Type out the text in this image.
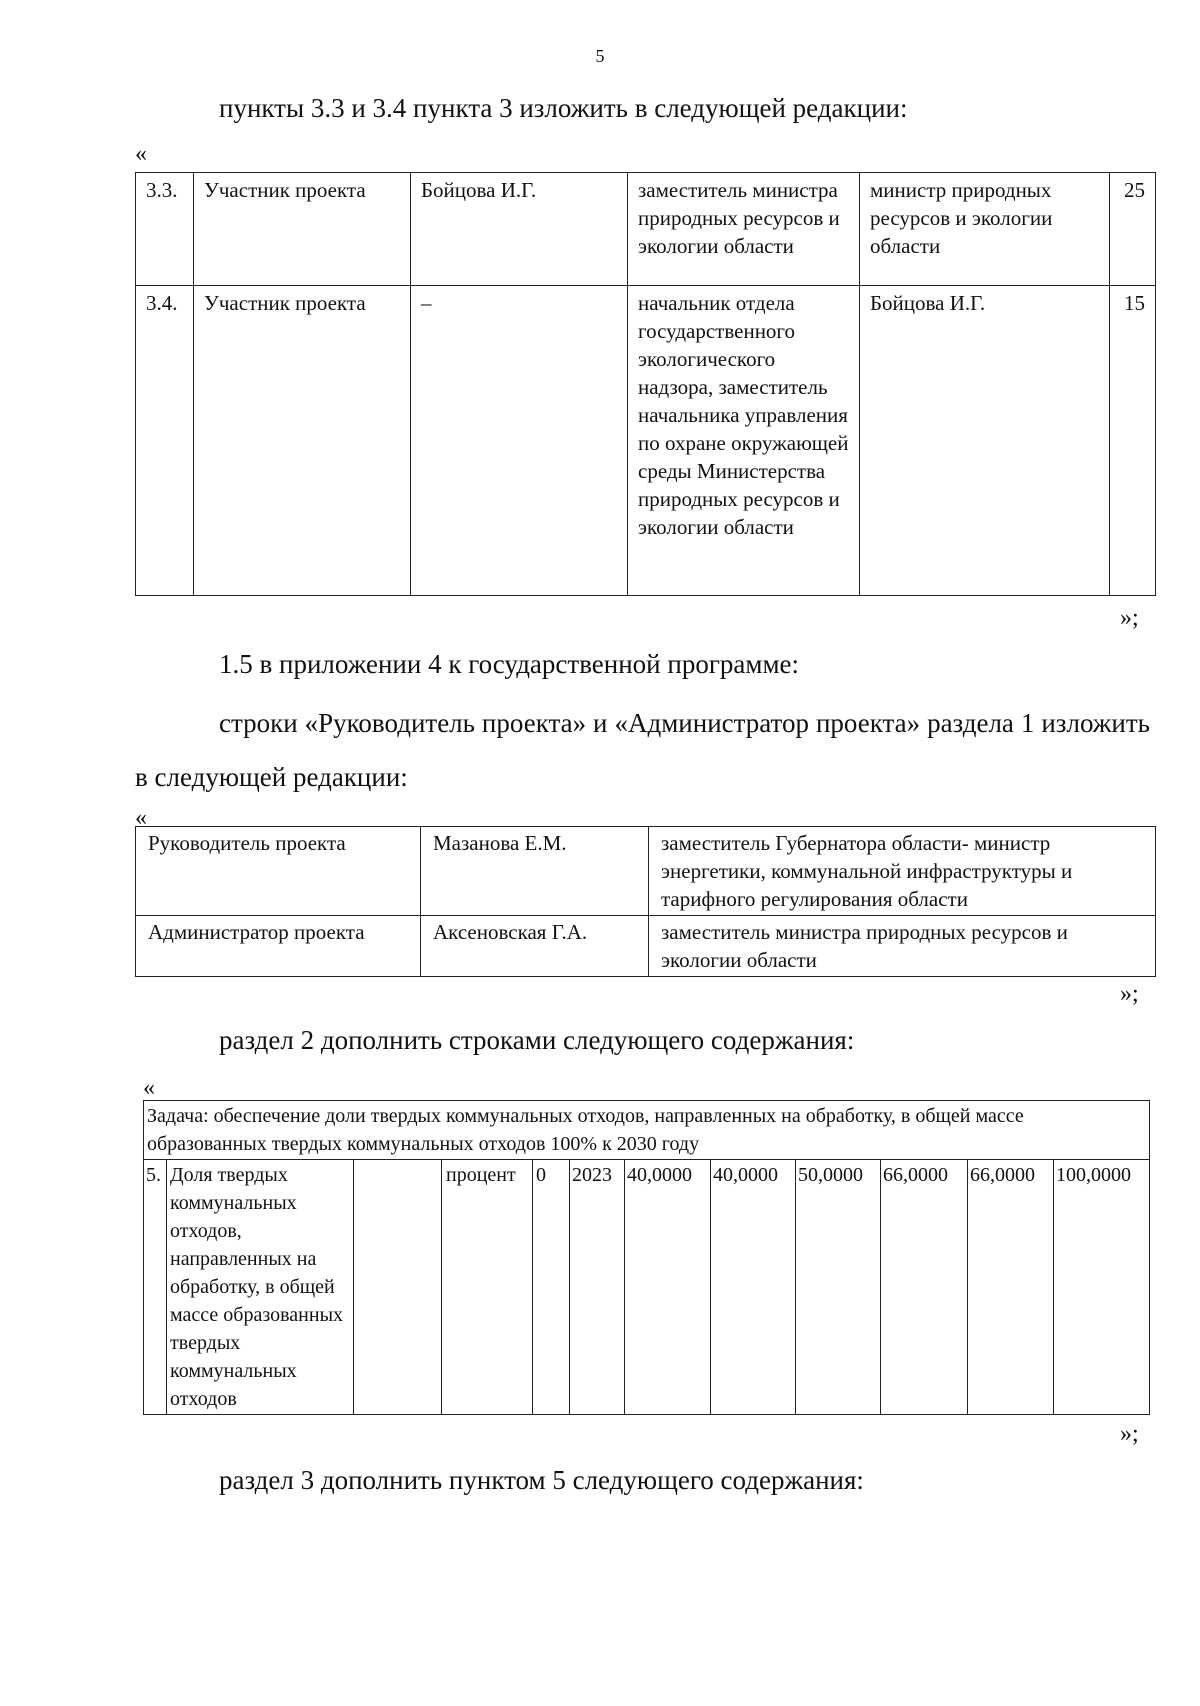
5
пункты 3.3 и 3.4 пункта 3 изложить в следующей редакции:
«
3.3.	Участник проекта	Бойцова И.Г.	заместитель министра природных ресурсов и экологии области	министр природных ресурсов и экологии области	25
3.4.	Участник проекта	–	начальник отдела государственного экологического надзора, заместитель начальника управления по охране окружающей среды Министерства природных ресурсов и экологии области	Бойцова И.Г.	15
»;
1.5 в приложении 4 к государственной программе:
строки «Руководитель проекта» и «Администратор проекта» раздела 1 изложить в следующей редакции:
«
Руководитель проекта	Мазанова Е.М.	заместитель Губернатора области- министр энергетики, коммунальной инфраструктуры и тарифного регулирования области
Администратор проекта	Аксеновская Г.А.	заместитель министра природных ресурсов и экологии области
»;
раздел 2 дополнить строками следующего содержания:
«
Задача: обеспечение доли твердых коммунальных отходов, направленных на обработку, в общей массе образованных твердых коммунальных отходов 100% к 2030 году
5.	Доля твердых коммунальных отходов, направленных на обработку, в общей массе образованных твердых коммунальных отходов		процент	0	2023	40,0000	40,0000	50,0000	66,0000	66,0000	100,0000
»;
раздел 3 дополнить пунктом 5 следующего содержания:
